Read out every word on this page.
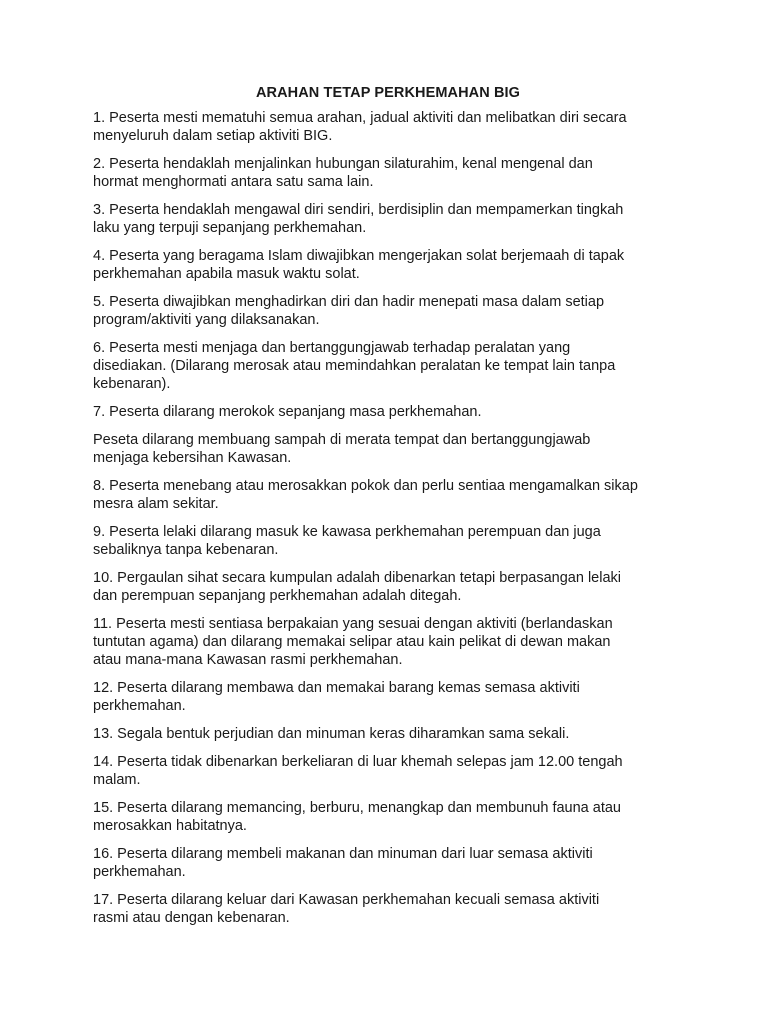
ARAHAN TETAP PERKHEMAHAN BIG
1. Peserta mesti mematuhi semua arahan, jadual aktiviti dan melibatkan diri secara
menyeluruh dalam setiap aktiviti BIG.
2. Peserta hendaklah menjalinkan hubungan silaturahim, kenal mengenal dan
hormat menghormati antara satu sama lain.
3. Peserta hendaklah mengawal diri sendiri, berdisiplin dan mempamerkan tingkah
laku yang terpuji sepanjang perkhemahan.
4. Peserta yang beragama Islam diwajibkan mengerjakan solat berjemaah di tapak
perkhemahan apabila masuk waktu solat.
5. Peserta diwajibkan menghadirkan diri dan hadir menepati masa dalam setiap
program/aktiviti yang dilaksanakan.
6. Peserta mesti menjaga dan bertanggungjawab terhadap peralatan yang
disediakan. (Dilarang merosak atau memindahkan peralatan ke tempat lain tanpa
kebenaran).
7. Peserta dilarang merokok sepanjang masa perkhemahan.
Peseta dilarang membuang sampah di merata tempat dan bertanggungjawab
menjaga kebersihan Kawasan.
8. Peserta menebang atau merosakkan pokok dan perlu sentiaa mengamalkan sikap
mesra alam sekitar.
9. Peserta lelaki dilarang masuk ke kawasa perkhemahan perempuan dan juga
sebaliknya tanpa kebenaran.
10. Pergaulan sihat secara kumpulan adalah dibenarkan tetapi berpasangan lelaki
dan perempuan sepanjang perkhemahan adalah ditegah.
11. Peserta mesti sentiasa berpakaian yang sesuai dengan aktiviti (berlandaskan
tuntutan agama) dan dilarang memakai selipar atau kain pelikat di dewan makan
atau mana-mana Kawasan rasmi perkhemahan.
12. Peserta dilarang membawa dan memakai barang kemas semasa aktiviti
perkhemahan.
13. Segala bentuk perjudian dan minuman keras diharamkan sama sekali.
14. Peserta tidak dibenarkan berkeliaran di luar khemah selepas jam 12.00 tengah
malam.
15. Peserta dilarang memancing, berburu, menangkap dan membunuh fauna atau
merosakkan habitatnya.
16. Peserta dilarang membeli makanan dan minuman dari luar semasa aktiviti
perkhemahan.
17. Peserta dilarang keluar dari Kawasan perkhemahan kecuali semasa aktiviti
rasmi atau dengan kebenaran.
